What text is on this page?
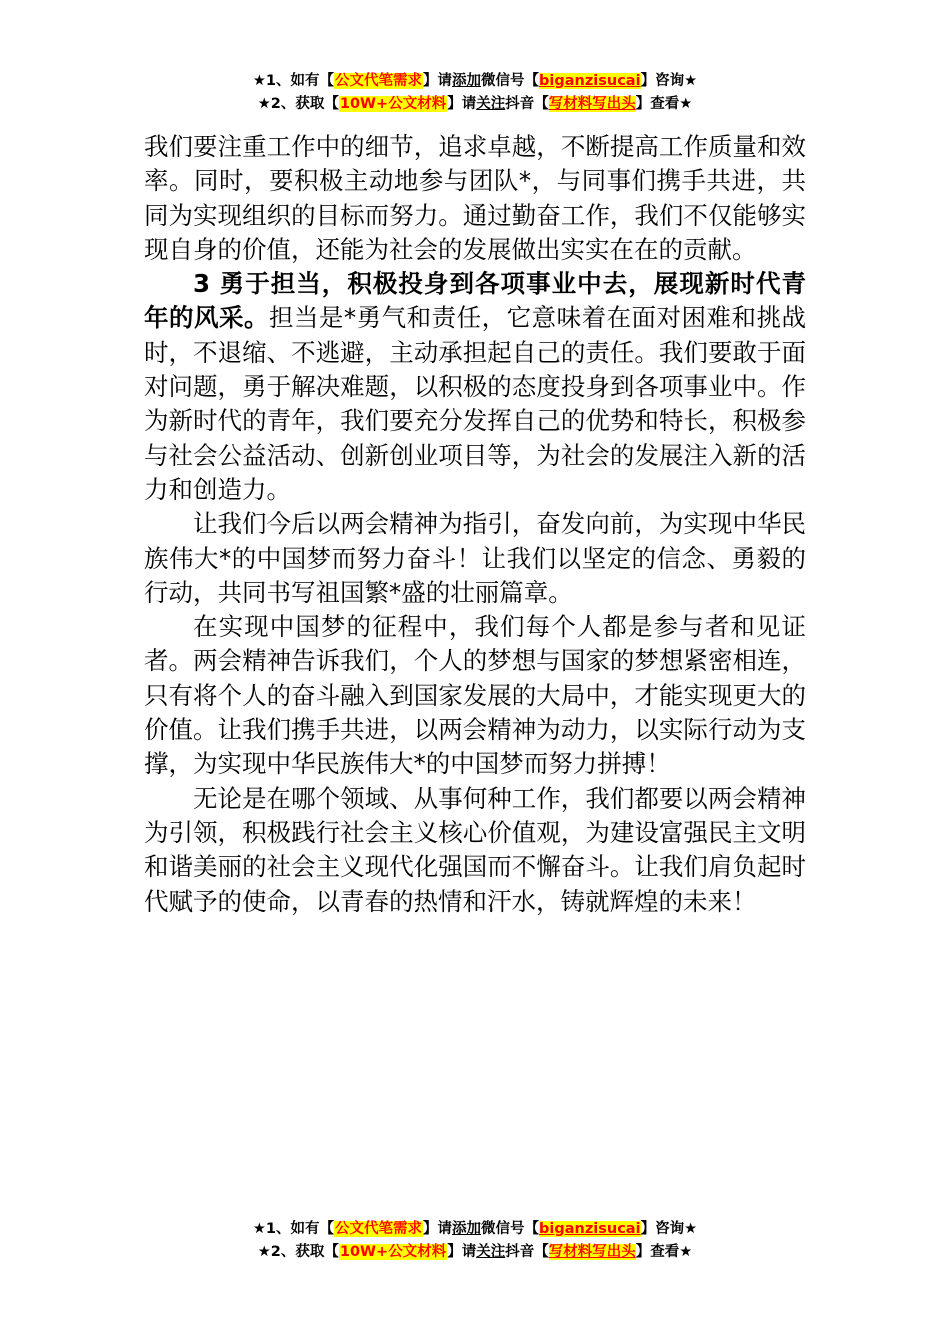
★1、如有【公文代笔需求】请添加微信号【biganzisucai】咨询★
★2、获取【10W+公文材料】请关注抖音【写材料写出头】查看★

我们要注重工作中的细节，追求卓越，不断提高工作质量和效率。同时，要积极主动地参与团队*，与同事们携手共进，共同为实现组织的目标而努力。通过勤奋工作，我们不仅能够实现自身的价值，还能为社会的发展做出实实在在的贡献。

3 勇于担当，积极投身到各项事业中去，展现新时代青年的风采。担当是*勇气和责任，它意味着在面对困难和挑战时，不退缩、不逃避，主动承担起自己的责任。我们要敢于面对问题，勇于解决难题，以积极的态度投身到各项事业中。作为新时代的青年，我们要充分发挥自己的优势和特长，积极参与社会公益活动、创新创业项目等，为社会的发展注入新的活力和创造力。

让我们今后以两会精神为指引，奋发向前，为实现中华民族伟大*的中国梦而努力奋斗！让我们以坚定的信念、勇毅的行动，共同书写祖国繁*盛的壮丽篇章。

在实现中国梦的征程中，我们每个人都是参与者和见证者。两会精神告诉我们，个人的梦想与国家的梦想紧密相连，只有将个人的奋斗融入到国家发展的大局中，才能实现更大的价值。让我们携手共进，以两会精神为动力，以实际行动为支撑，为实现中华民族伟大*的中国梦而努力拼搏！

无论是在哪个领域、从事何种工作，我们都要以两会精神为引领，积极践行社会主义核心价值观，为建设富强民主文明和谐美丽的社会主义现代化强国而不懈奋斗。让我们肩负起时代赋予的使命，以青春的热情和汗水，铸就辉煌的未来！

★1、如有【公文代笔需求】请添加微信号【biganzisucai】咨询★
★2、获取【10W+公文材料】请关注抖音【写材料写出头】查看★
